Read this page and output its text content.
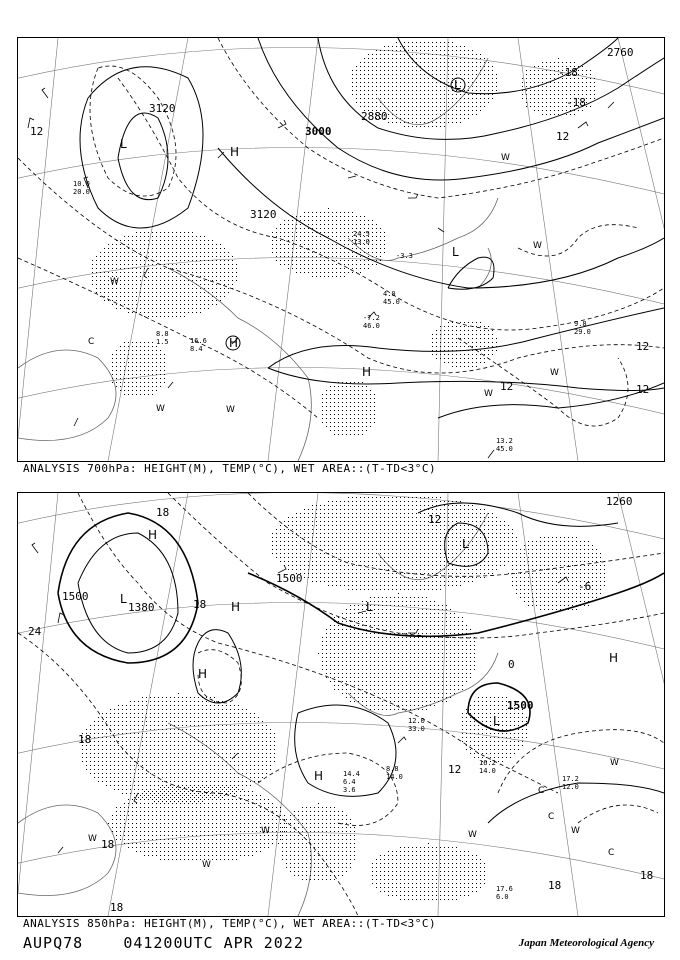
13.2
45.0
9.8
29.0
10.0
20.0
8.8
1.5	16.6
8.4
24.5
13.0
-3.3
4.0
45.0
-7.2
46.0
3120
3120
3000
2880
2760
12
12
12
12
-18
12
-18
L
H
H
L
L
H
W
W	W
W
W
W
W
C
ANALYSIS 700hPa: HEIGHT(M), TEMP(°C), WET AREA::(T-TD<3°C)
17.6
6.0
17.2
12.0
16.2
14.0
14.4
6.4
3.6
12.0
33.0
8.8
14.0
1500
1380
1500
1500
1260
18
18
12
18
18
18
18
24
12
-6
18
0
L
H
H
H
H
L
L
L
H
W
W
W	W
W
W
C
C
C
ANALYSIS 850hPa: HEIGHT(M), TEMP(°C), WET AREA::(T-TD<3°C)
AUPQ78	041200UTC APR 2022	Japan Meteorological Agency
